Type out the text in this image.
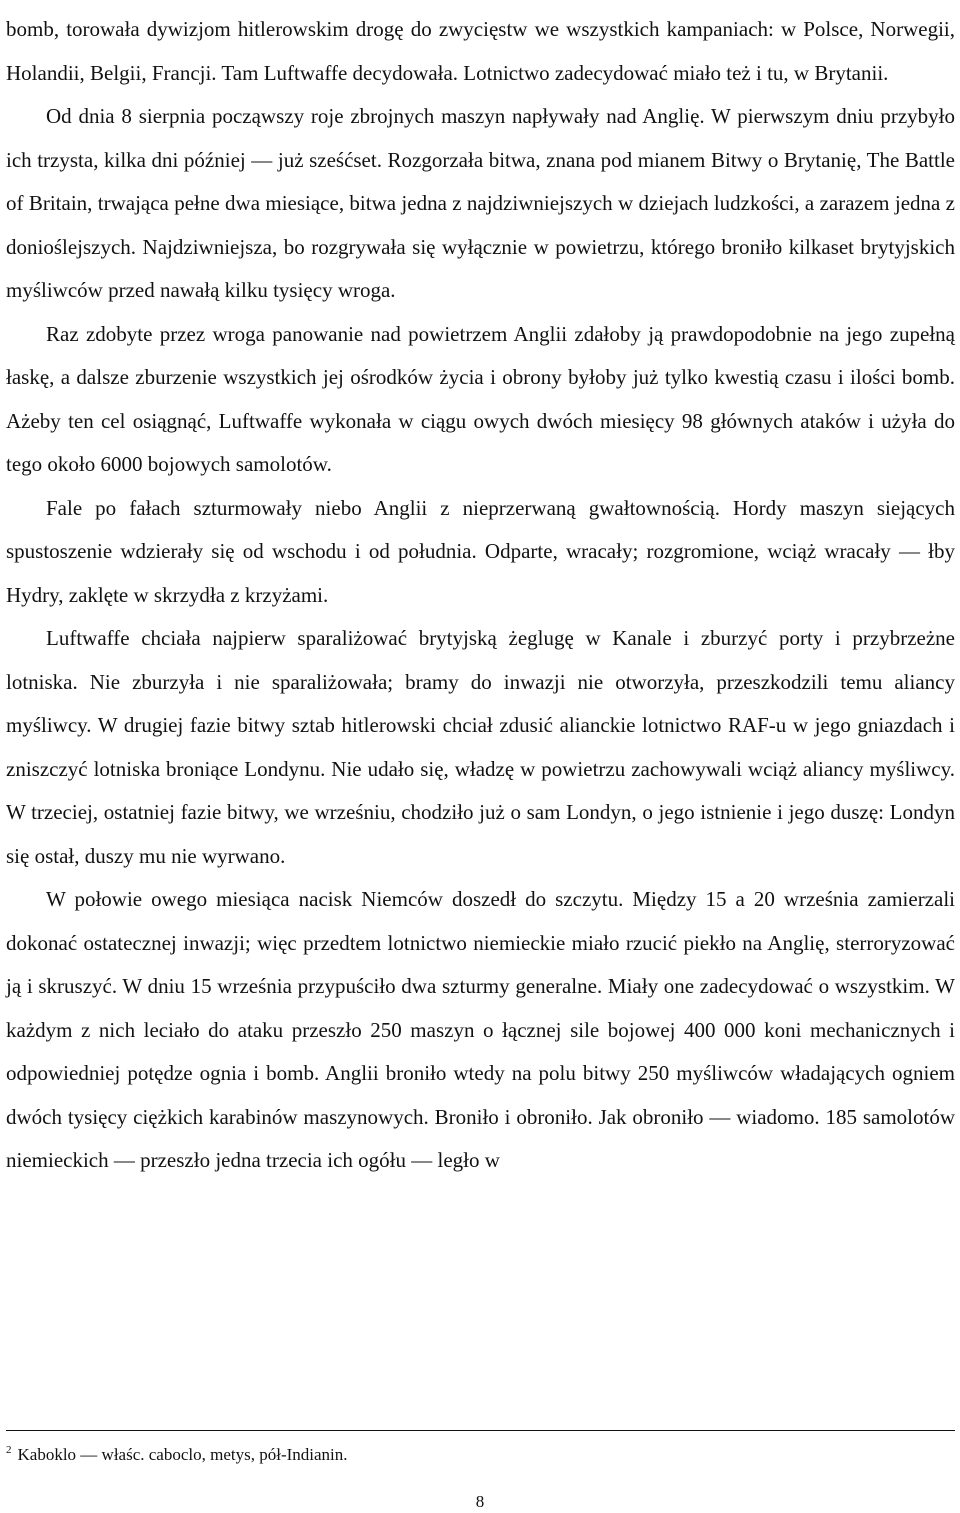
bomb, torowała dywizjom hitlerowskim drogę do zwycięstw we wszystkich kampaniach: w Polsce, Norwegii, Holandii, Belgii, Francji. Tam Luftwaffe decydowała. Lotnictwo zadecydować miało też i tu, w Brytanii.

Od dnia 8 sierpnia począwszy roje zbrojnych maszyn napływały nad Anglię. W pierwszym dniu przybyło ich trzysta, kilka dni później — już sześćset. Rozgorzała bitwa, znana pod mianem Bitwy o Brytanię, The Battle of Britain, trwająca pełne dwa miesiące, bitwa jedna z najdziwniejszych w dziejach ludzkości, a zarazem jedna z donioślejszych. Najdziwniejsza, bo rozgrywała się wyłącznie w powietrzu, którego broniło kilkaset brytyjskich myśliwców przed nawałą kilku tysięcy wroga.

Raz zdobyte przez wroga panowanie nad powietrzem Anglii zdałoby ją prawdopodobnie na jego zupełną łaskę, a dalsze zburzenie wszystkich jej ośrodków życia i obrony byłoby już tylko kwestią czasu i ilości bomb. Ażeby ten cel osiągnąć, Luftwaffe wykonała w ciągu owych dwóch miesięcy 98 głównych ataków i użyła do tego około 6000 bojowych samolotów.

Fale po fałach szturmowały niebo Anglii z nieprzerwaną gwałtownością. Hordy maszyn siejących spustoszenie wdzierały się od wschodu i od południa. Odparte, wracały; rozgromione, wciąż wracały — łby Hydry, zaklęte w skrzydła z krzyżami.

Luftwaffe chciała najpierw sparaliżować brytyjską żeglugę w Kanale i zburzyć porty i przybrzeżne lotniska. Nie zburzyła i nie sparaliżowała; bramy do inwazji nie otworzyła, przeszkodzili temu aliancy myśliwcy. W drugiej fazie bitwy sztab hitlerowski chciał zdusić alianckie lotnictwo RAF-u w jego gniazdach i zniszczyć lotniska broniące Londynu. Nie udało się, władzę w powietrzu zachowywali wciąż aliancy myśliwcy. W trzeciej, ostatniej fazie bitwy, we wrześniu, chodziło już o sam Londyn, o jego istnienie i jego duszę: Londyn się ostał, duszy mu nie wyrwano.

W połowie owego miesiąca nacisk Niemców doszedł do szczytu. Między 15 a 20 września zamierzali dokonać ostatecznej inwazji; więc przedtem lotnictwo niemieckie miało rzucić piekło na Anglię, sterroryzować ją i skruszyć. W dniu 15 września przypuściło dwa szturmy generalne. Miały one zadecydować o wszystkim. W każdym z nich leciało do ataku przeszło 250 maszyn o łącznej sile bojowej 400 000 koni mechanicznych i odpowiedniej potędze ognia i bomb. Anglii broniło wtedy na polu bitwy 250 myśliwców władających ogniem dwóch tysięcy ciężkich karabinów maszynowych. Broniło i obroniło. Jak obroniło — wiadomo. 185 samolotów niemieckich — przeszło jedna trzecia ich ogółu — legło w

$^2$ Kaboklo — właśc. caboclo, metys, pół-Indianin.

8
